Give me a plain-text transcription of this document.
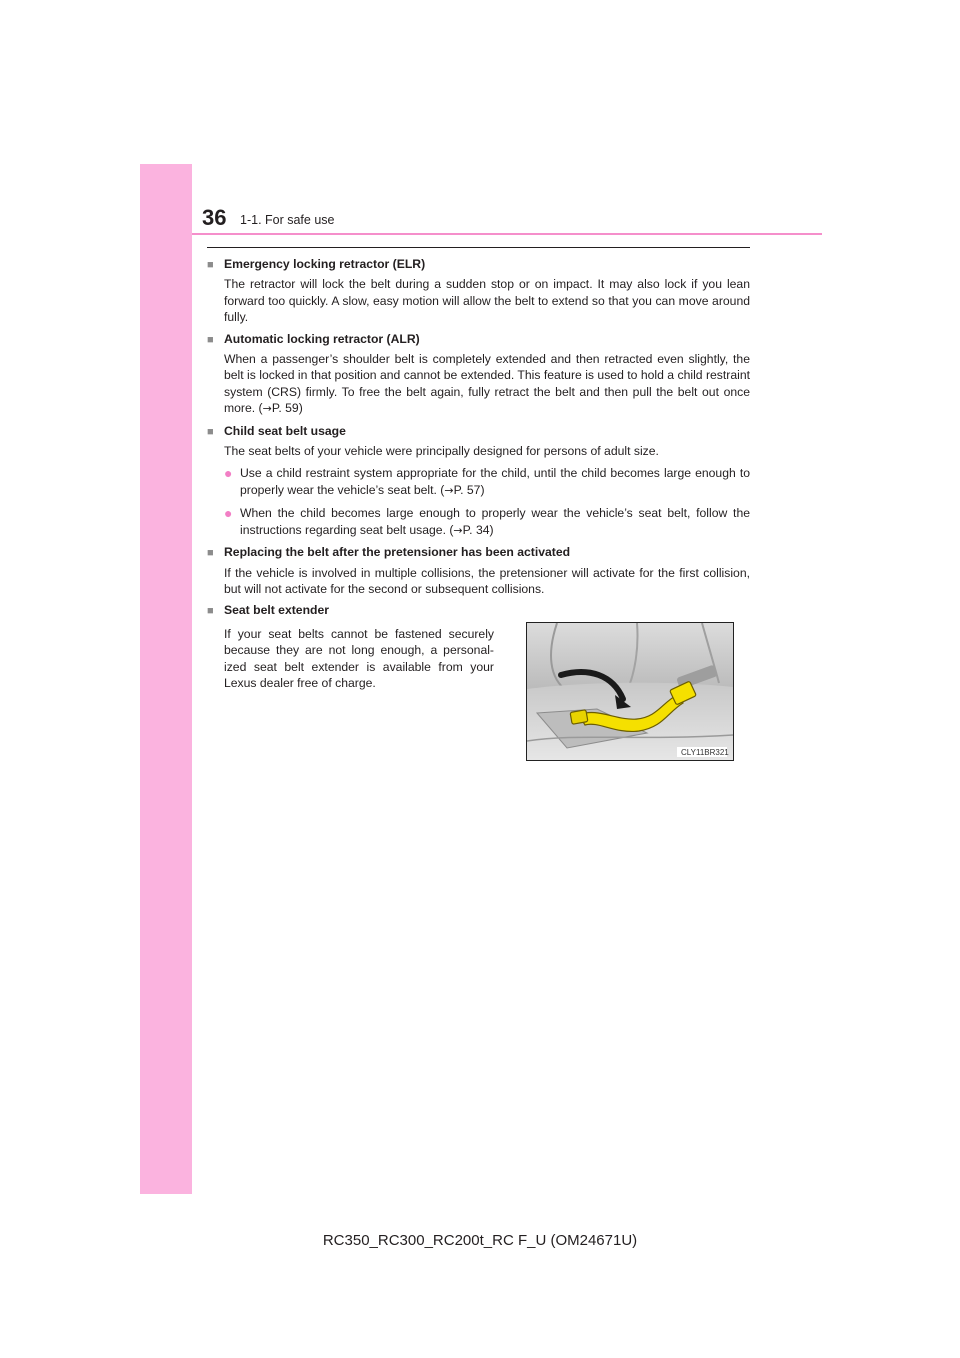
36 1-1. For safe use
■ Emergency locking retractor (ELR)
The retractor will lock the belt during a sudden stop or on impact. It may also lock if you lean forward too quickly. A slow, easy motion will allow the belt to extend so that you can move around fully.
■ Automatic locking retractor (ALR)
When a passenger’s shoulder belt is completely extended and then retracted even slightly, the belt is locked in that position and cannot be extended. This feature is used to hold a child restraint system (CRS) firmly. To free the belt again, fully retract the belt and then pull the belt out once more. (→P. 59)
■ Child seat belt usage
The seat belts of your vehicle were principally designed for persons of adult size.
● Use a child restraint system appropriate for the child, until the child becomes large enough to properly wear the vehicle’s seat belt. (→P. 57)
● When the child becomes large enough to properly wear the vehicle’s seat belt, follow the instructions regarding seat belt usage. (→P. 34)
■ Replacing the belt after the pretensioner has been activated
If the vehicle is involved in multiple collisions, the pretensioner will activate for the first collision, but will not activate for the second or subsequent collisions.
■ Seat belt extender
If your seat belts cannot be fastened securely because they are not long enough, a personal-ized seat belt extender is available from your Lexus dealer free of charge.
CLY11BR321
RC350_RC300_RC200t_RC F_U (OM24671U)
